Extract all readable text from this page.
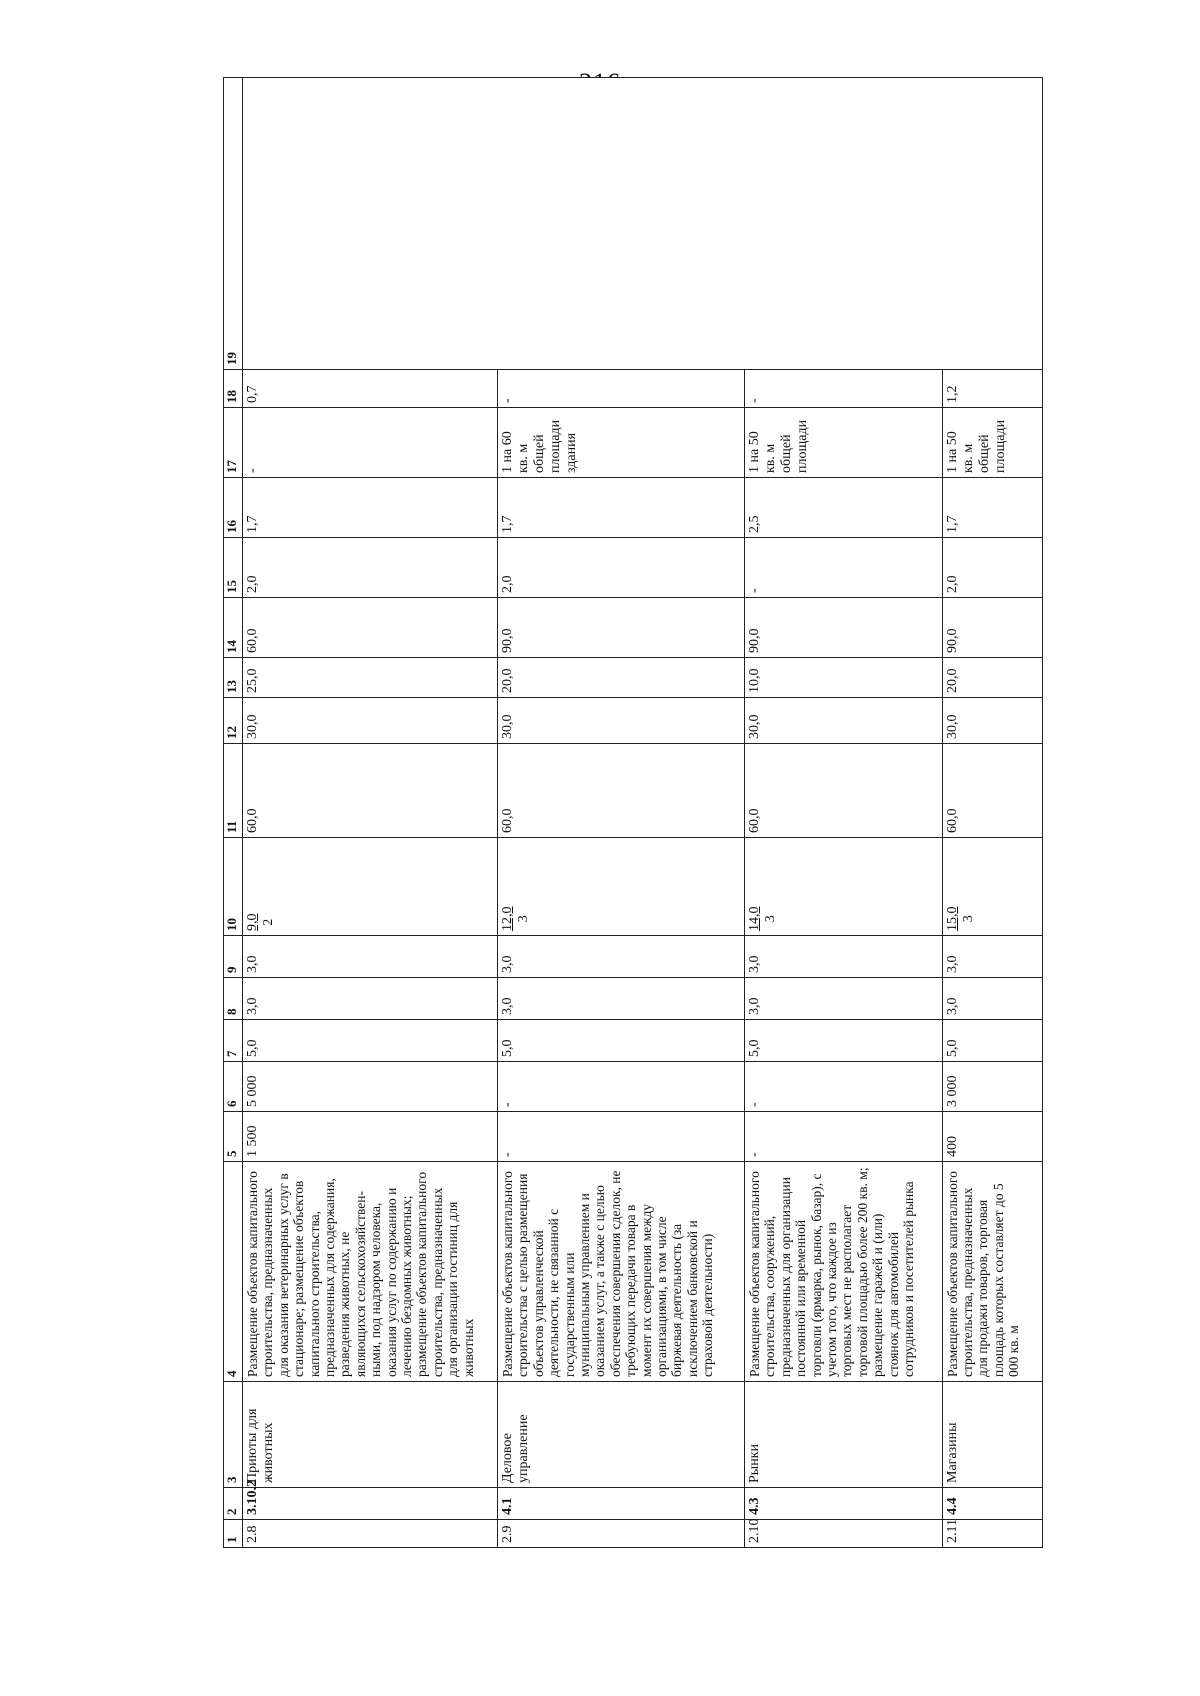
1	2	3	4	5	6	7	8	9	10	11	12	13	14	15	16	17	18	19
2.8	3.10.2	Приюты для животных	Размещение объектов капитального строительства, предназначенных для оказания ветеринарных услуг в стационаре; размещение объектов капитального строительства, предназначенных для содержания, разведения животных, не являющихся сельскохозяйствен-ными, под надзором человека, оказания услуг по содержанию и лечению бездомных животных; размещение объектов капитального строительства, предназначенных для организации гостиниц для животных	1 500	5 000	5,0	3,0	3,0	9,0 2	60,0	30,0	25,0	60,0	2,0	1,7	-	0,7	
2.9	4.1	Деловое управление	Размещение объектов капитального строительства с целью размещения объектов управленческой деятельности, не связанной с государственным или муниципальным управлением и оказанием услуг, а также с целью обеспечения совершения сделок, не требующих передачи товара в момент их совершения между организациями, в том числе биржевая деятельность (за исключением банковской и страховой деятельности)	-	-	5,0	3,0	3,0	12,0 3	60,0	30,0	20,0	90,0	2,0	1,7	1 на 60 кв. м общей площади здания	-	
2.10	4.3	Рынки	Размещение объектов капитального строительства, сооружений, предназначенных для организации постоянной или временной торговли (ярмарка, рынок, базар), с учетом того, что каждое из торговых мест не располагает торговой площадью более 200 кв. м; размещение гаражей и (или) стоянок для автомобилей сотрудников и посетителей рынка	-	-	5,0	3,0	3,0	14,0 3	60,0	30,0	10,0	90,0	-	2,5	1 на 50 кв. м общей площади	-	
2.11	4.4	Магазины	Размещение объектов капитального строительства, предназначенных для продажи товаров, торговая площадь которых составляет до 5 000 кв. м	400	3 000	5,0	3,0	3,0	15,0 3	60,0	30,0	20,0	90,0	2,0	1,7	1 на 50 кв. м общей площади	1,2	
